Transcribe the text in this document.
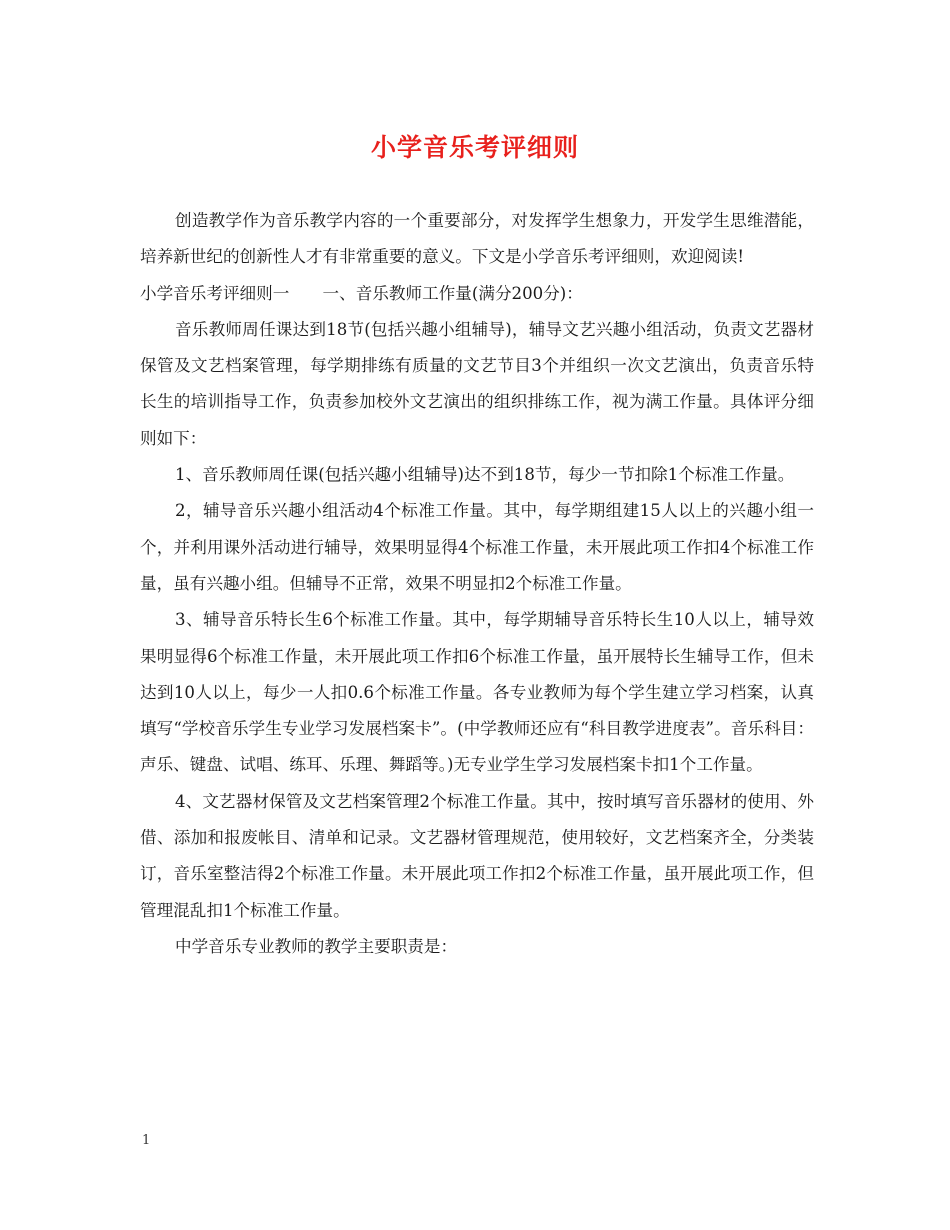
小学音乐考评细则

创造教学作为音乐教学内容的一个重要部分，对发挥学生想象力，开发学生思维潜能，培养新世纪的创新性人才有非常重要的意义。下文是小学音乐考评细则，欢迎阅读!

小学音乐考评细则一　　一、音乐教师工作量(满分200分)：

音乐教师周任课达到18节(包括兴趣小组辅导)，辅导文艺兴趣小组活动，负责文艺器材保管及文艺档案管理，每学期排练有质量的文艺节目3个并组织一次文艺演出，负责音乐特长生的培训指导工作，负责参加校外文艺演出的组织排练工作，视为满工作量。具体评分细则如下：

1、音乐教师周任课(包括兴趣小组辅导)达不到18节，每少一节扣除1个标准工作量。

2，辅导音乐兴趣小组活动4个标准工作量。其中，每学期组建15人以上的兴趣小组一个，并利用课外活动进行辅导，效果明显得4个标准工作量，未开展此项工作扣4个标准工作量，虽有兴趣小组。但辅导不正常，效果不明显扣2个标准工作量。

3、辅导音乐特长生6个标准工作量。其中，每学期辅导音乐特长生10人以上，辅导效果明显得6个标准工作量，未开展此项工作扣6个标准工作量，虽开展特长生辅导工作，但未达到10人以上，每少一人扣0.6个标准工作量。各专业教师为每个学生建立学习档案，认真填写“学校音乐学生专业学习发展档案卡”。(中学教师还应有“科目教学进度表”。音乐科目：声乐、键盘、试唱、练耳、乐理、舞蹈等。)无专业学生学习发展档案卡扣1个工作量。

4、文艺器材保管及文艺档案管理2个标准工作量。其中，按时填写音乐器材的使用、外借、添加和报废帐目、清单和记录。文艺器材管理规范，使用较好，文艺档案齐全，分类装订，音乐室整洁得2个标准工作量。未开展此项工作扣2个标准工作量，虽开展此项工作，但管理混乱扣1个标准工作量。

中学音乐专业教师的教学主要职责是：

1
